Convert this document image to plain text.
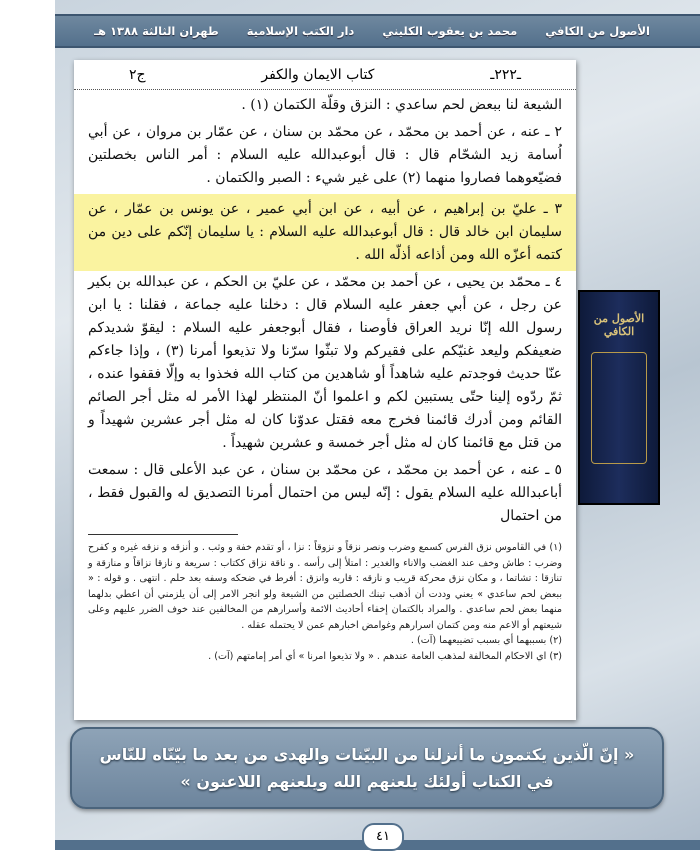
الأصول من الكافي
محمد بن يعقوب الكليني
دار الكتب الإسلامية
طهران الثالثة ١٣٨٨ هـ
ـ٢٢٢ـ
كتاب الايمان والكفر
ج٢

الشيعة لنا ببعض لحم ساعدي : النزق وقلّة الكتمان (١) .

٢ ـ عنه ، عن أحمد بن محمّد ، عن محمّد بن سنان ، عن عمّار بن مروان ، عن أبي اُسامة زيد الشحّام قال : قال أبوعبدالله عليه السلام : أمر الناس بخصلتين فضيّعوهما فصاروا منهما (٢) على غير شيء : الصبر والكتمان .

٣ ـ عليّ بن إبراهيم ، عن أبيه ، عن ابن أبي عمير ، عن يونس بن عمّار ، عن سليمان ابن خالد قال : قال أبوعبدالله عليه السلام : يا سليمان إنّكم على دين من كتمه أعزّه الله ومن أذاعه أذلّه الله .

٤ ـ محمّد بن يحيى ، عن أحمد بن محمّد ، عن عليّ بن الحكم ، عن عبدالله بن بكير عن رجل ، عن أبي جعفر عليه السلام قال : دخلنا عليه جماعة ، فقلنا : يا ابن رسول الله إنّا نريد العراق فأوصنا ، فقال أبوجعفر عليه السلام : ليقوّ شديدكم ضعيفكم وليعد غنيّكم على فقيركم ولا تبثّوا سرّنا ولا تذيعوا أمرنا (٣) ، وإذا جاءكم عنّا حديث فوجدتم عليه شاهداً أو شاهدين من كتاب الله فخذوا به وإلّا فقفوا عنده ، ثمّ ردّوه إلينا حتّى يستبين لكم و اعلموا أنّ المنتظر لهذا الأمر له مثل أجر الصائم القائم ومن أدرك قائمنا فخرج معه فقتل عدوّنا كان له مثل أجر عشرين شهيداً و من قتل مع قائمنا كان له مثل أجر خمسة و عشرين شهيداً .

٥ ـ عنه ، عن أحمد بن محمّد ، عن محمّد بن سنان ، عن عبد الأعلى قال : سمعت أباعبدالله عليه السلام يقول : إنّه ليس من احتمال أمرنا التصديق له والقبول فقط ، من احتمال

(١) في القاموس نزق الفرس كسمع وضرب ونصر نزقاً و نزوقاً : نزا ، أو تقدم خفة و وثب . و أنزقه و نزقه غيره و كفرح وضرب : طاش وخف عند الغضب والاناء والغدير : امتلأ إلى رأسه . و ناقة نزاق ككتاب : سريعة و نازقا نزاقاً و منازقة و تنازقا : تشاتما ، و مكان نزق محركة قريب و نازقه : قاربه وانزق : أفرط في ضحكه وسفه بعد حلم . انتهى . و قوله : « ببعض لحم ساعدي » يعني وددت أن أذهب تينك الخصلتين من الشيعة ولو انجر الامر إلى أن يلزمني أن اعطي بدلهما منهما بعض لحم ساعدي . والمراد بالكتمان إخفاء أحاديث الائمة وأسرارهم من المخالفين عند خوف الضرر عليهم وعلى شيعتهم أو الاعم منه ومن كتمان اسرارهم وغوامض اخبارهم عمن لا يحتمله عقله .

(٢) بسببهما أي بسبب تضييعهما (آت) .

(٣) اي الاحكام المخالفة لمذهب العامة عندهم . « ولا تذيعوا امرنا » أي أمر إمامتهم (آت) .

الأصول من الكافي
« إنّ الّذين يكتمون ما أنزلنا من البيّنات والهدى من بعد ما بيّنّاه للنّاس في الكتاب أولئك يلعنهم الله ويلعنهم اللاعنون »
٤١
